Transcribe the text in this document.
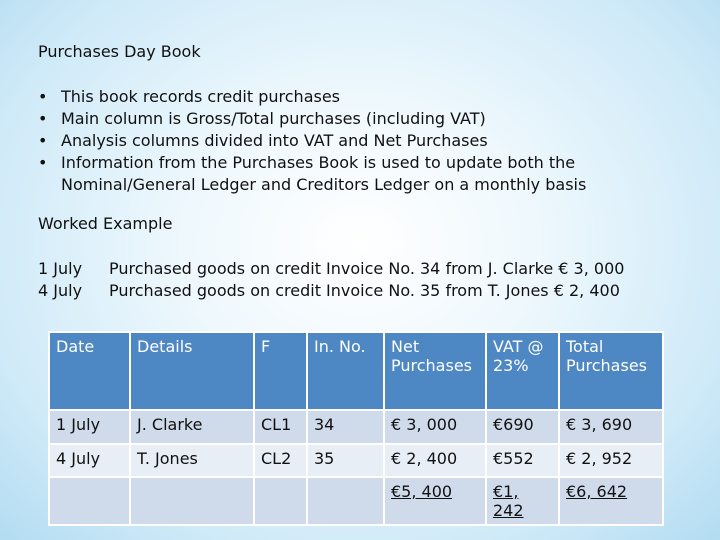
Purchases Day Book
• This book records credit purchases
• Main column is Gross/Total purchases (including VAT)
• Analysis columns divided into VAT and Net Purchases
• Information from the Purchases Book is used to update both the Nominal/General Ledger and Creditors Ledger on a monthly basis
Worked Example
1 July Purchased goods on credit Invoice No. 34 from J. Clarke € 3, 000
4 July Purchased goods on credit Invoice No. 35 from T. Jones € 2, 400
Date	Details	F	In. No.	Net Purchases	VAT @ 23%	Total Purchases
1 July	J. Clarke	CL1	34	€ 3, 000	€690	€ 3, 690
4 July	T. Jones	CL2	35	€ 2, 400	€552	€ 2, 952
				€5, 400	€1, 242	€6, 642
